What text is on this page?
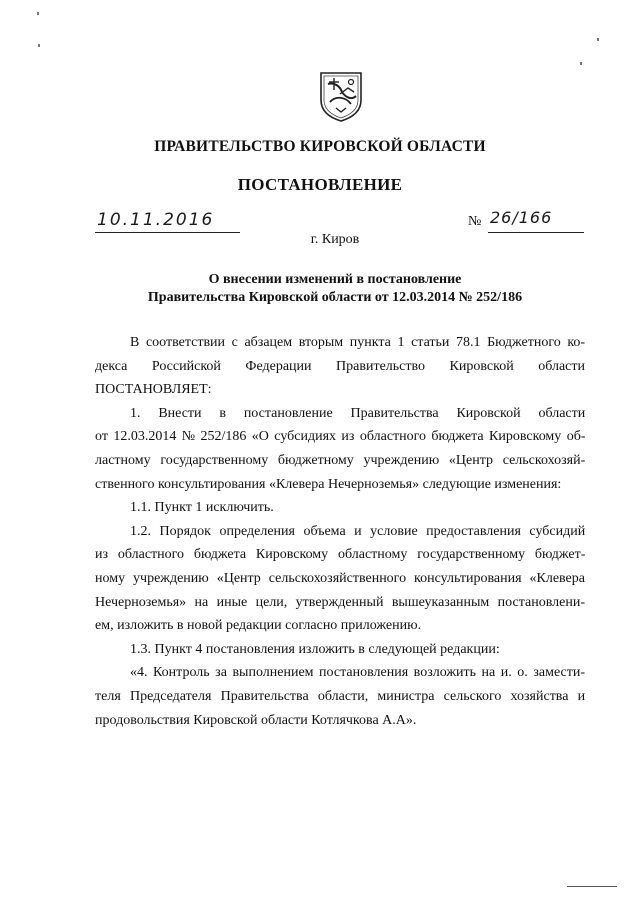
ПРАВИТЕЛЬСТВО КИРОВСКОЙ ОБЛАСТИ
ПОСТАНОВЛЕНИЕ
10.11.2016	№ 26/166
г. Киров
О внесении изменений в постановление
Правительства Кировской области от 12.03.2014 № 252/186
В соответствии с абзацем вторым пункта 1 статьи 78.1 Бюджетного ко-
декса Российской Федерации Правительство Кировской области
ПОСТАНОВЛЯЕТ:
1. Внести в постановление Правительства Кировской области
от 12.03.2014 № 252/186 «О субсидиях из областного бюджета Кировскому об-
ластному государственному бюджетному учреждению «Центр сельскохозяй-
ственного консультирования «Клевера Нечерноземья» следующие изменения:
1.1. Пункт 1 исключить.
1.2. Порядок определения объема и условие предоставления субсидий
из областного бюджета Кировскому областному государственному бюджет-
ному учреждению «Центр сельскохозяйственного консультирования «Клевера
Нечерноземья» на иные цели, утвержденный вышеуказанным постановлени-
ем, изложить в новой редакции согласно приложению.
1.3. Пункт 4 постановления изложить в следующей редакции:
«4. Контроль за выполнением постановления возложить на и. о. замести-
теля Председателя Правительства области, министра сельского хозяйства и
продовольствия Кировской области Котлячкова А.А».
